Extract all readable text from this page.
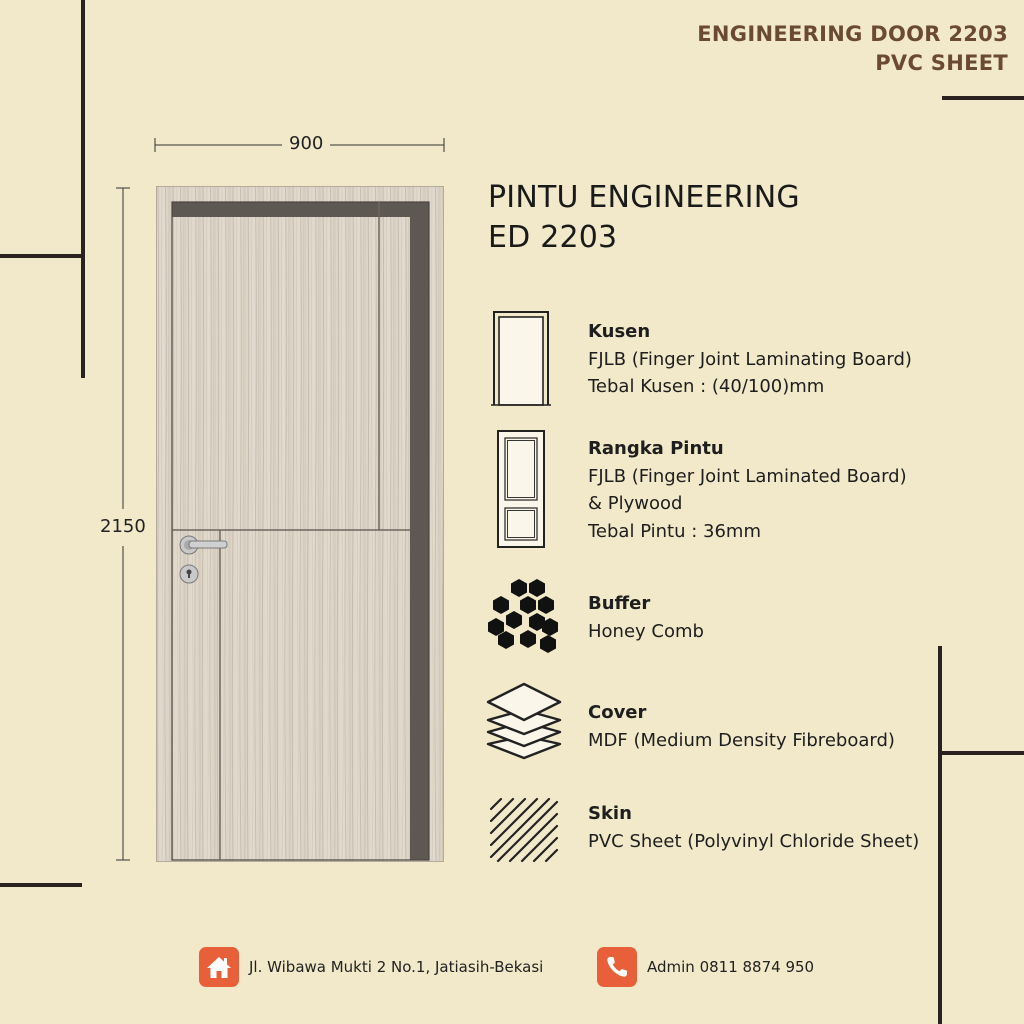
ENGINEERING DOOR 2203
PVC SHEET
900
2150
PINTU ENGINEERING
ED 2203
Kusen
FJLB (Finger Joint Laminating Board)
Tebal Kusen : (40/100)mm
Rangka Pintu
FJLB (Finger Joint Laminated Board)
& Plywood
Tebal Pintu : 36mm
Buffer
Honey Comb
Cover
MDF (Medium Density Fibreboard)
Skin
PVC Sheet (Polyvinyl Chloride Sheet)
Jl. Wibawa Mukti 2 No.1, Jatiasih-Bekasi	Admin 0811 8874 950
